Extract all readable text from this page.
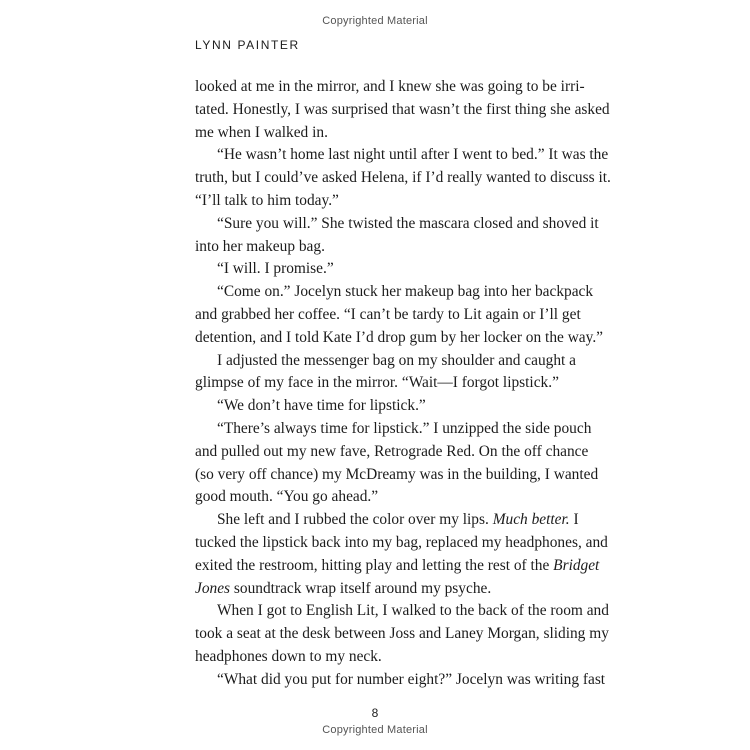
Copyrighted Material
LYNN PAINTER

looked at me in the mirror, and I knew she was going to be irri-
tated. Honestly, I was surprised that wasn’t the first thing she asked
me when I walked in.

“He wasn’t home last night until after I went to bed.” It was the
truth, but I could’ve asked Helena, if I’d really wanted to discuss it.
“I’ll talk to him today.”

“Sure you will.” She twisted the mascara closed and shoved it
into her makeup bag.

“I will. I promise.”

“Come on.” Jocelyn stuck her makeup bag into her backpack
and grabbed her coffee. “I can’t be tardy to Lit again or I’ll get
detention, and I told Kate I’d drop gum by her locker on the way.”

I adjusted the messenger bag on my shoulder and caught a
glimpse of my face in the mirror. “Wait—I forgot lipstick.”

“We don’t have time for lipstick.”

“There’s always time for lipstick.” I unzipped the side pouch
and pulled out my new fave, Retrograde Red. On the off chance
(so very off chance) my McDreamy was in the building, I wanted
good mouth. “You go ahead.”

She left and I rubbed the color over my lips. Much better. I
tucked the lipstick back into my bag, replaced my headphones, and
exited the restroom, hitting play and letting the rest of the Bridget
Jones soundtrack wrap itself around my psyche.

When I got to English Lit, I walked to the back of the room and
took a seat at the desk between Joss and Laney Morgan, sliding my
headphones down to my neck.

“What did you put for number eight?” Jocelyn was writing fast

8
Copyrighted Material
